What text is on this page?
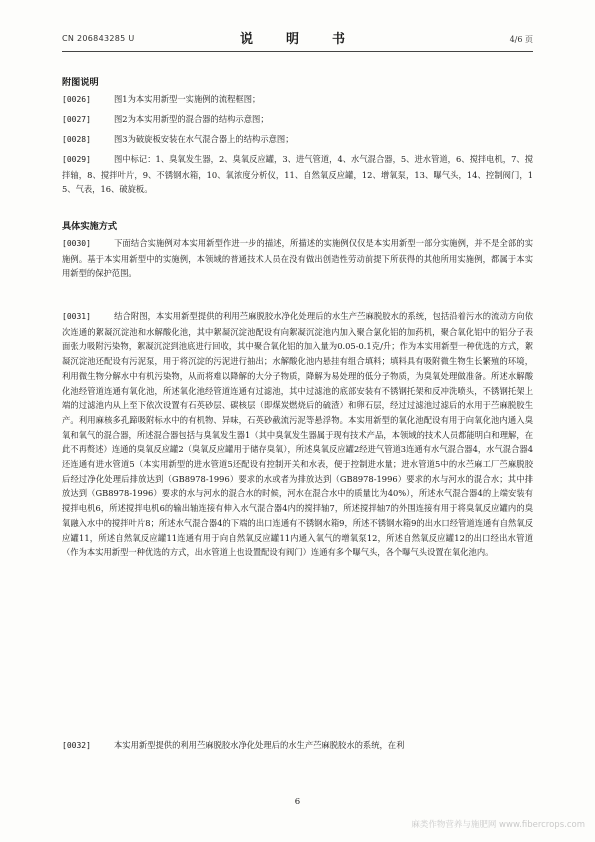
CN 206843285 U	说　明　书	4/6 页
附图说明
[0026]	图1为本实用新型一实施例的流程框图；
[0027]	图2为本实用新型的混合器的结构示意图；
[0028]	图3为破旋板安装在水气混合器上的结构示意图；
[0029]	图中标记：1、臭氧发生器，2、臭氧反应罐，3、进气管道，4、水气混合器，5、进水管道，6、搅拌电机，7、搅拌轴，8、搅拌叶片，9、不锈钢水箱，10、氧浓度分析仪，11、自然氧反应罐，12、增氧泵，13、曝气头，14、控制阀门，15、气表，16、破旋板。
具体实施方式
[0030]	下面结合实施例对本实用新型作进一步的描述，所描述的实施例仅仅是本实用新型一部分实施例，并不是全部的实施例。基于本实用新型中的实施例，本领域的普通技术人员在没有做出创造性劳动前提下所获得的其他所用实施例，都属于本实用新型的保护范围。
[0031]	结合附图，本实用新型提供的利用苎麻脱胶水净化处理后的水生产苎麻脱胶水的系统，包括沿着污水的流动方向依次连通的絮凝沉淀池和水解酸化池，其中絮凝沉淀池配设有向絮凝沉淀池内加入聚合氯化铝的加药机，聚合氧化铝中的铝分子表面张力吸附污染物，絮凝沉淀到池底进行回收，其中聚合氧化铝的加入量为0.05-0.1克/升；作为本实用新型一种优选的方式，絮凝沉淀池还配设有污泥泵，用于将沉淀的污泥进行抽出；水解酸化池内悬挂有组合填料；填料具有吸附微生物生长繁殖的环境，利用微生物分解水中有机污染物，从而将难以降解的大分子物质，降解为易处理的低分子物质，为臭氧处理做准备。所述水解酸化池经管道连通有氧化池，所述氧化池经管道连通有过滤池，其中过滤池的底部安装有不锈钢托架和反冲洗喷头，不锈钢托架上端的过滤池内从上至下依次设置有石英砂层、碳核层（即煤炭燃烧后的硫渣）和卵石层，经过过滤池过滤后的水用于苎麻脱胶生产。利用麻核多孔蹄吸附标水中的有机物、异味，石英砂截流污泥等悬浮物。本实用新型的氧化池配设有用于向氧化池内通入臭氧和氧气的混合器，所述混合器包括与臭氧发生器1（其中臭氧发生器属于现有技术产品，本领域的技术人员都能明白和理解，在此不再赘述）连通的臭氧反应罐2（臭氧反应罐用于储存臭氧），所述臭氧反应罐2经进气管道3连通有水气混合器4，水气混合器4还连通有进水管道5（本实用新型的进水管道5还配设有控制开关和水表，便于控制进水量；进水管道5中的水苎麻工厂苎麻脱胶后经过净化处理后排放达到（GB8978-1996）要求的水或者为排放达到（GB8978-1996）要求的水与河水的混合水；其中排放达到（GB8978-1996）要求的水与河水的混合水的时候，河水在混合水中的质量比为40%），所述水气混合器4的上端安装有搅拌电机6，所述搅拌电机6的输出轴连接有伸入水气混合器4内的搅拌轴7，所述搅拌轴7的外围连接有用于将臭氧反应罐内的臭氧融入水中的搅拌叶片8；所述水气混合器4的下端的出口连通有不锈钢水箱9，所述不锈钢水箱9的出水口经管道连通有自然氧反应罐11，所述自然氧反应罐11连通有用于向自然氧反应罐11内通入氧气的增氧泵12，所述自然氧反应罐12的出口经出水管道（作为本实用新型一种优选的方式，出水管道上也设置配设有阀门）连通有多个曝气头，各个曝气头设置在氧化池内。
[0032]	本实用新型提供的利用苎麻脱胶水净化处理后的水生产苎麻脱胶水的系统，在利
6
麻类作物营养与施肥网 www.fibercrops.com
